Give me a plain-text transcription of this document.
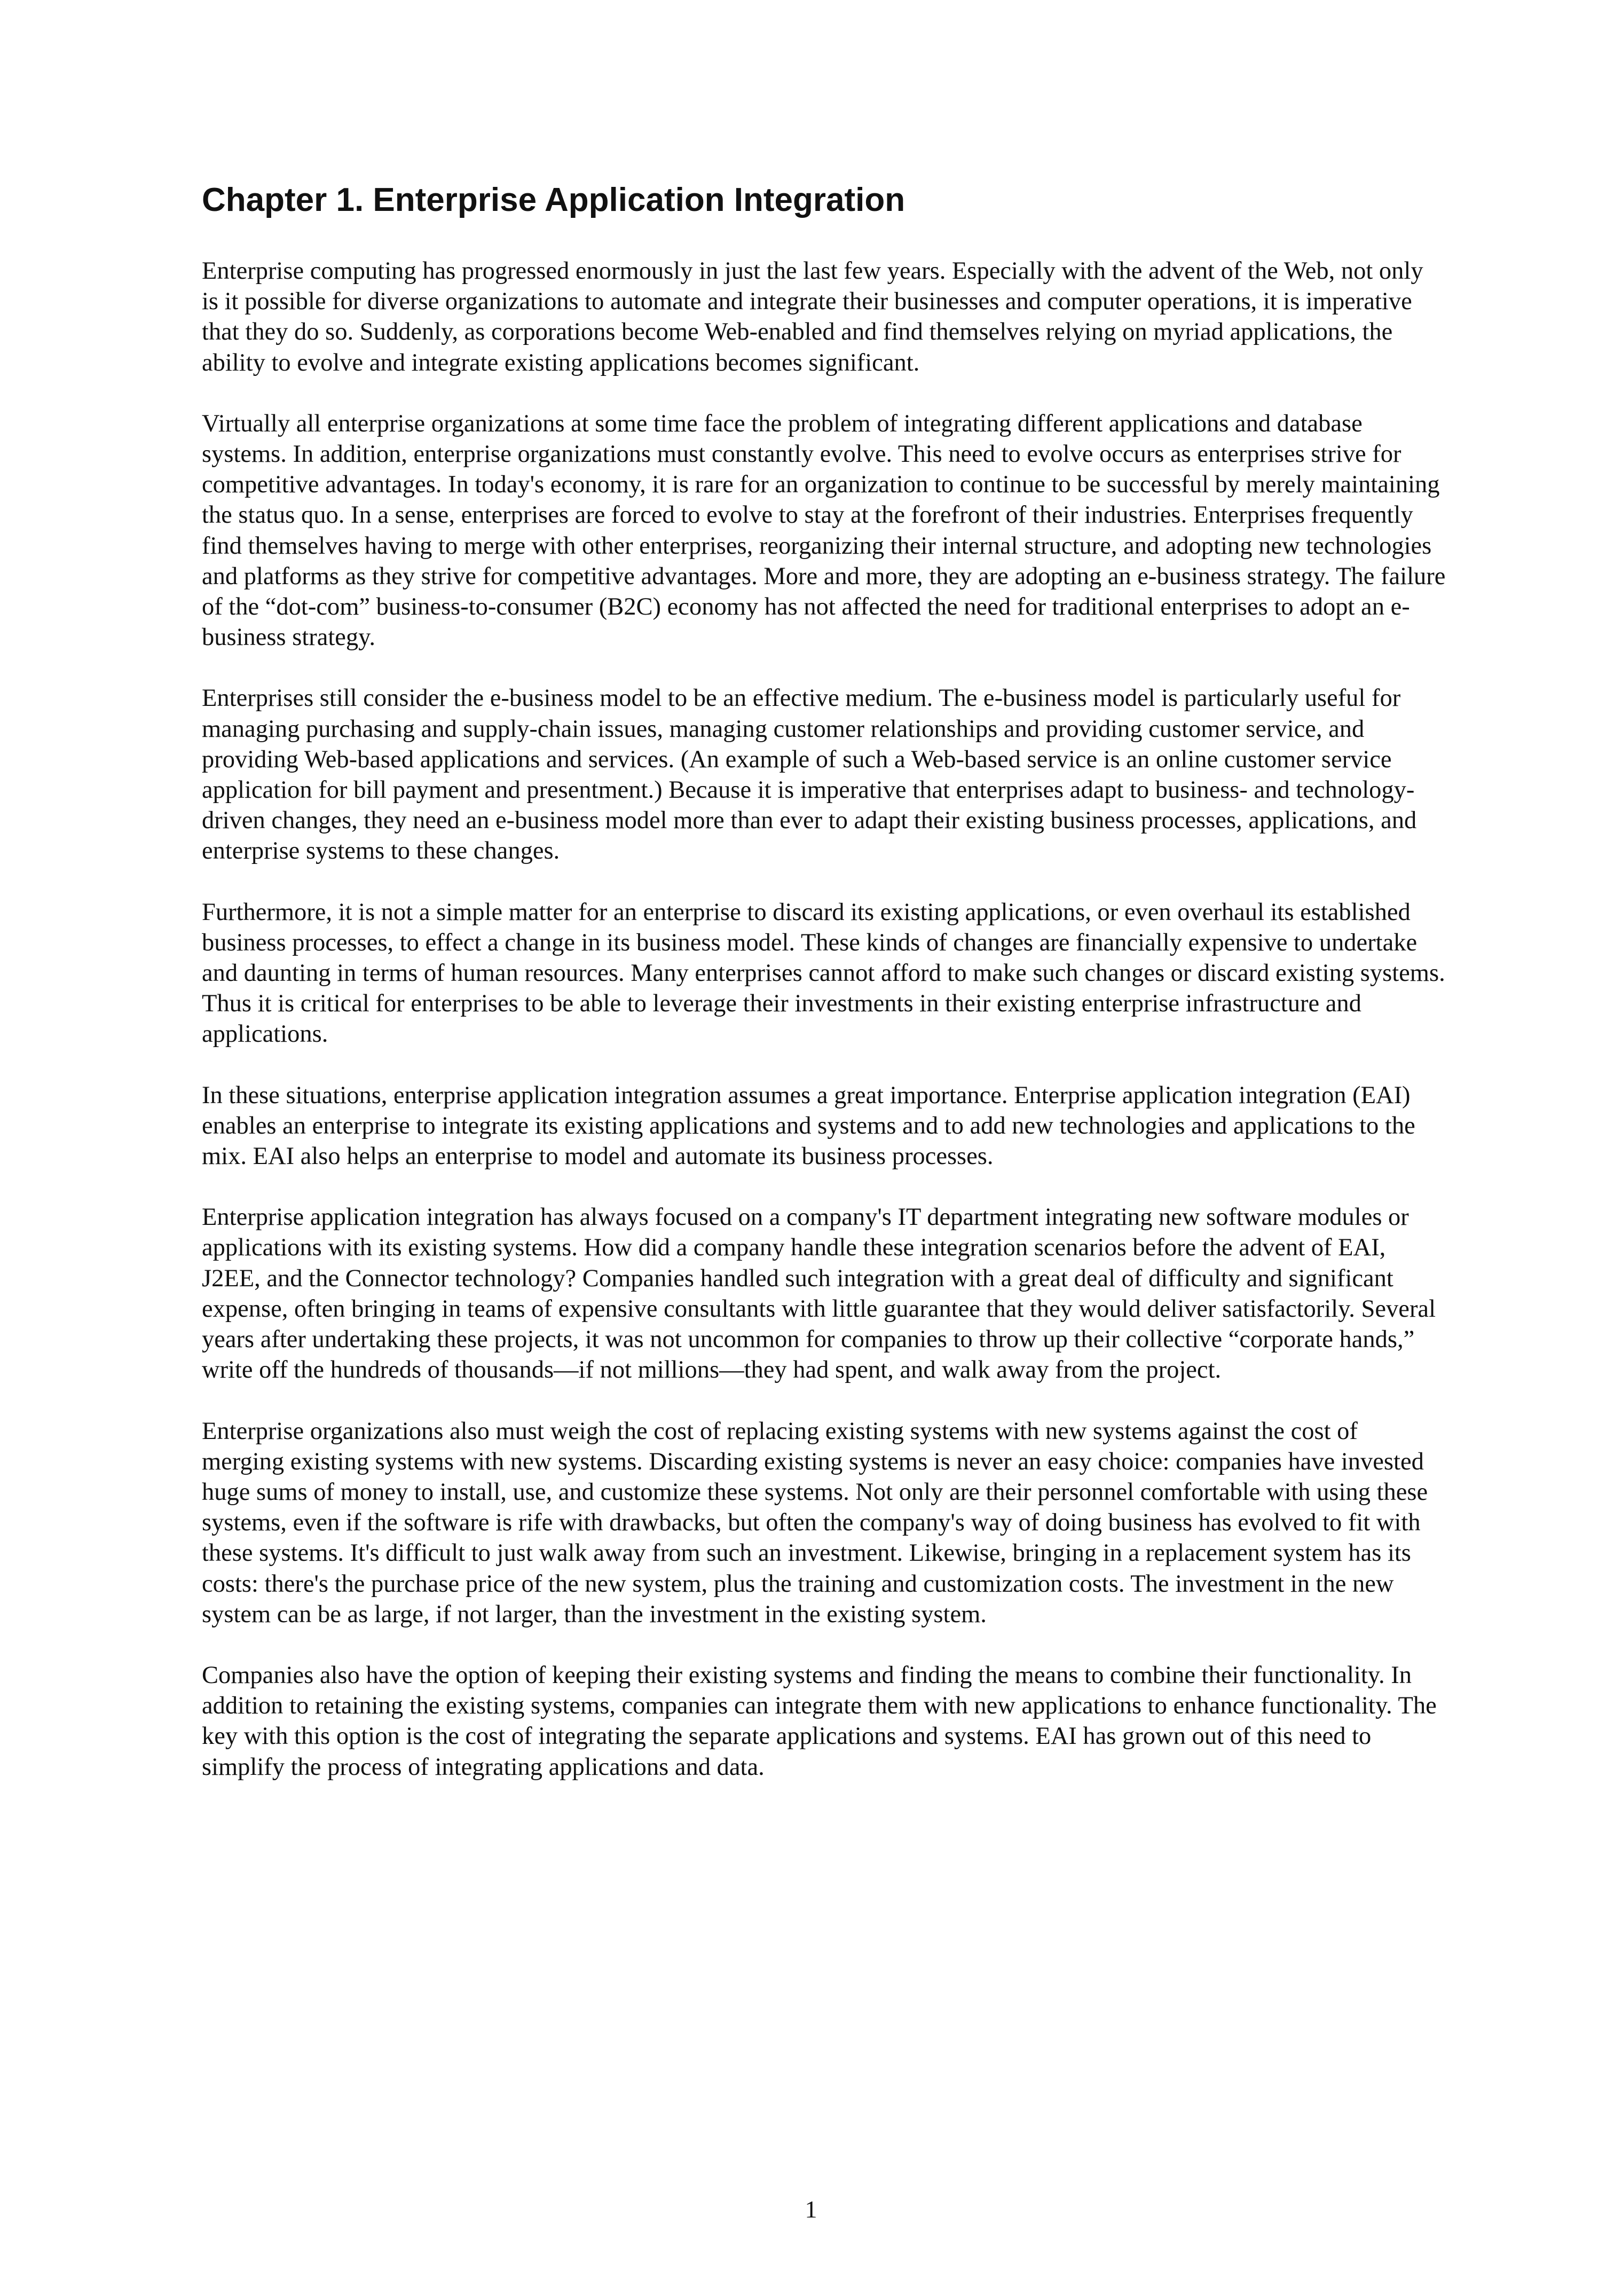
Chapter 1. Enterprise Application Integration

Enterprise computing has progressed enormously in just the last few years. Especially with the advent of the Web, not only is it possible for diverse organizations to automate and integrate their businesses and computer operations, it is imperative that they do so. Suddenly, as corporations become Web-enabled and find themselves relying on myriad applications, the ability to evolve and integrate existing applications becomes significant.

Virtually all enterprise organizations at some time face the problem of integrating different applications and database systems. In addition, enterprise organizations must constantly evolve. This need to evolve occurs as enterprises strive for competitive advantages. In today's economy, it is rare for an organization to continue to be successful by merely maintaining the status quo. In a sense, enterprises are forced to evolve to stay at the forefront of their industries. Enterprises frequently find themselves having to merge with other enterprises, reorganizing their internal structure, and adopting new technologies and platforms as they strive for competitive advantages. More and more, they are adopting an e-business strategy. The failure of the “dot-com” business-to-consumer (B2C) economy has not affected the need for traditional enterprises to adopt an e-business strategy.

Enterprises still consider the e-business model to be an effective medium. The e-business model is particularly useful for managing purchasing and supply-chain issues, managing customer relationships and providing customer service, and providing Web-based applications and services. (An example of such a Web-based service is an online customer service application for bill payment and presentment.) Because it is imperative that enterprises adapt to business- and technology-driven changes, they need an e-business model more than ever to adapt their existing business processes, applications, and enterprise systems to these changes.

Furthermore, it is not a simple matter for an enterprise to discard its existing applications, or even overhaul its established business processes, to effect a change in its business model. These kinds of changes are financially expensive to undertake and daunting in terms of human resources. Many enterprises cannot afford to make such changes or discard existing systems. Thus it is critical for enterprises to be able to leverage their investments in their existing enterprise infrastructure and applications.

In these situations, enterprise application integration assumes a great importance. Enterprise application integration (EAI) enables an enterprise to integrate its existing applications and systems and to add new technologies and applications to the mix. EAI also helps an enterprise to model and automate its business processes.

Enterprise application integration has always focused on a company's IT department integrating new software modules or applications with its existing systems. How did a company handle these integration scenarios before the advent of EAI, J2EE, and the Connector technology? Companies handled such integration with a great deal of difficulty and significant expense, often bringing in teams of expensive consultants with little guarantee that they would deliver satisfactorily. Several years after undertaking these projects, it was not uncommon for companies to throw up their collective “corporate hands,” write off the hundreds of thousands—if not millions—they had spent, and walk away from the project.

Enterprise organizations also must weigh the cost of replacing existing systems with new systems against the cost of merging existing systems with new systems. Discarding existing systems is never an easy choice: companies have invested huge sums of money to install, use, and customize these systems. Not only are their personnel comfortable with using these systems, even if the software is rife with drawbacks, but often the company's way of doing business has evolved to fit with these systems. It's difficult to just walk away from such an investment. Likewise, bringing in a replacement system has its costs: there's the purchase price of the new system, plus the training and customization costs. The investment in the new system can be as large, if not larger, than the investment in the existing system.

Companies also have the option of keeping their existing systems and finding the means to combine their functionality. In addition to retaining the existing systems, companies can integrate them with new applications to enhance functionality. The key with this option is the cost of integrating the separate applications and systems. EAI has grown out of this need to simplify the process of integrating applications and data.

1
